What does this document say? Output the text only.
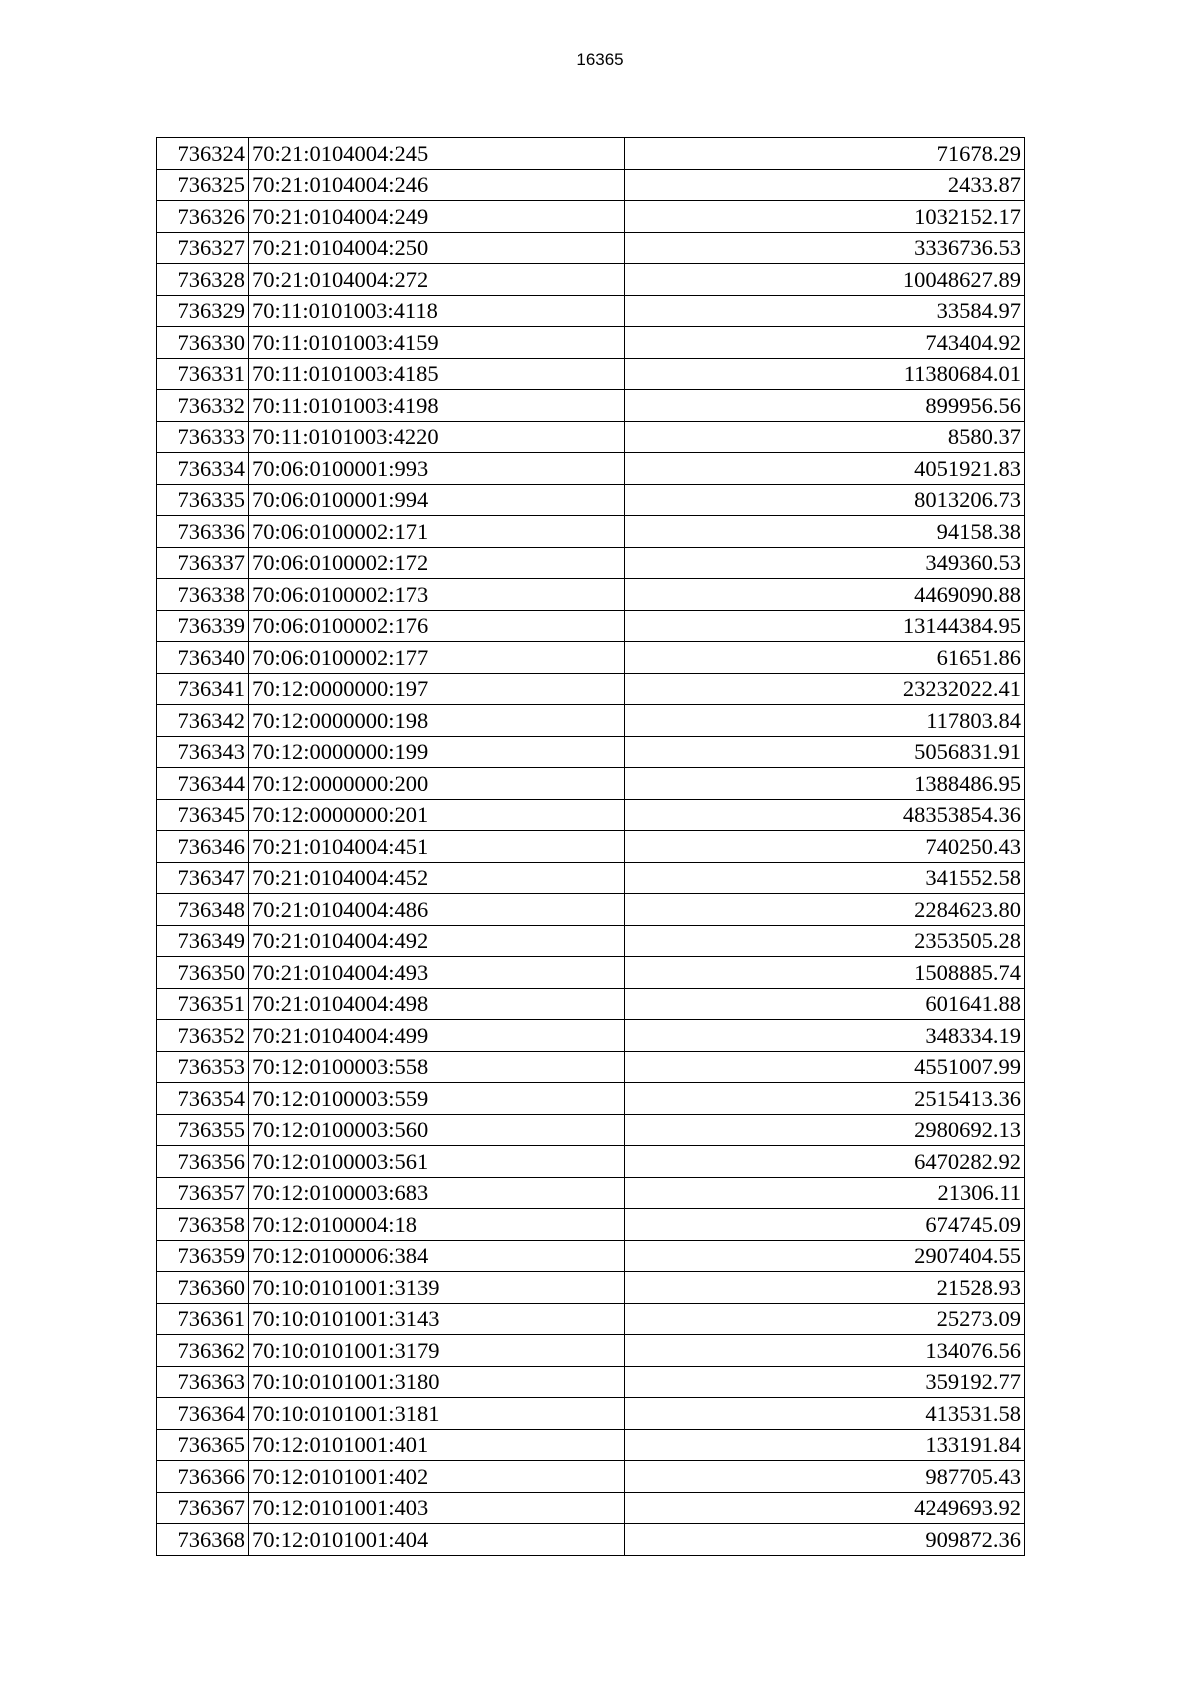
16365
736324	70:21:0104004:245	71678.29
736325	70:21:0104004:246	2433.87
736326	70:21:0104004:249	1032152.17
736327	70:21:0104004:250	3336736.53
736328	70:21:0104004:272	10048627.89
736329	70:11:0101003:4118	33584.97
736330	70:11:0101003:4159	743404.92
736331	70:11:0101003:4185	11380684.01
736332	70:11:0101003:4198	899956.56
736333	70:11:0101003:4220	8580.37
736334	70:06:0100001:993	4051921.83
736335	70:06:0100001:994	8013206.73
736336	70:06:0100002:171	94158.38
736337	70:06:0100002:172	349360.53
736338	70:06:0100002:173	4469090.88
736339	70:06:0100002:176	13144384.95
736340	70:06:0100002:177	61651.86
736341	70:12:0000000:197	23232022.41
736342	70:12:0000000:198	117803.84
736343	70:12:0000000:199	5056831.91
736344	70:12:0000000:200	1388486.95
736345	70:12:0000000:201	48353854.36
736346	70:21:0104004:451	740250.43
736347	70:21:0104004:452	341552.58
736348	70:21:0104004:486	2284623.80
736349	70:21:0104004:492	2353505.28
736350	70:21:0104004:493	1508885.74
736351	70:21:0104004:498	601641.88
736352	70:21:0104004:499	348334.19
736353	70:12:0100003:558	4551007.99
736354	70:12:0100003:559	2515413.36
736355	70:12:0100003:560	2980692.13
736356	70:12:0100003:561	6470282.92
736357	70:12:0100003:683	21306.11
736358	70:12:0100004:18	674745.09
736359	70:12:0100006:384	2907404.55
736360	70:10:0101001:3139	21528.93
736361	70:10:0101001:3143	25273.09
736362	70:10:0101001:3179	134076.56
736363	70:10:0101001:3180	359192.77
736364	70:10:0101001:3181	413531.58
736365	70:12:0101001:401	133191.84
736366	70:12:0101001:402	987705.43
736367	70:12:0101001:403	4249693.92
736368	70:12:0101001:404	909872.36
